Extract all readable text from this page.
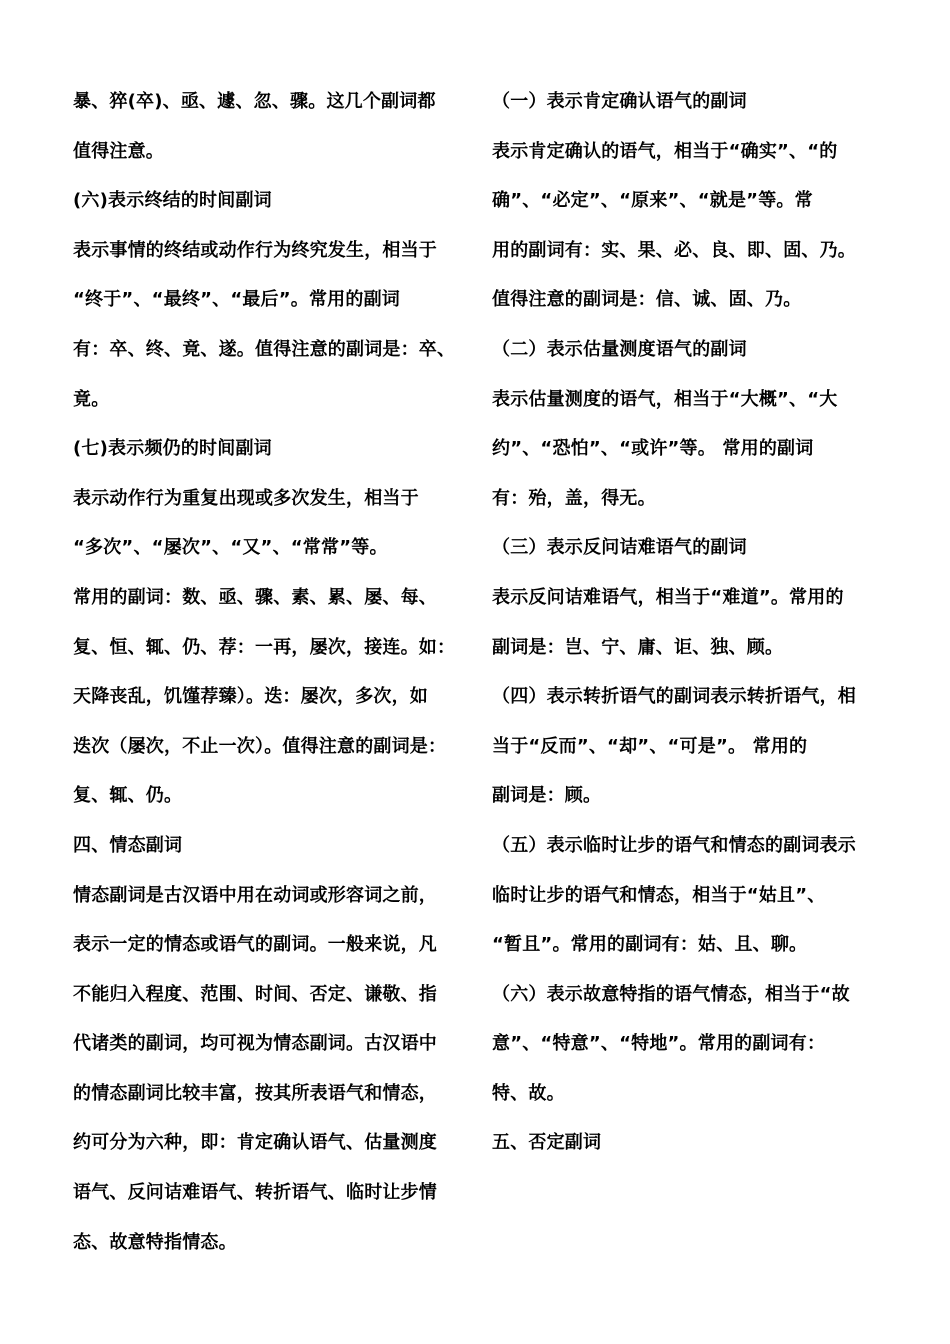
暴、猝(卒)、亟、遽、忽、骤。这几个副词都
值得注意。
(六)表示终结的时间副词
表示事情的终结或动作行为终究发生，相当于
“终于”、“最终”、“最后”。常用的副词
有：卒、终、竟、遂。值得注意的副词是：卒、
竟。
(七)表示频仍的时间副词
表示动作行为重复出现或多次发生，相当于
“多次”、“屡次”、“又”、“常常”等。
常用的副词：数、亟、骤、素、累、屡、每、
复、恒、辄、仍、荐：一再，屡次，接连。如：
天降丧乱，饥馑荐臻）。迭：屡次，多次，如
迭次（屡次，不止一次）。值得注意的副词是：
复、辄、仍。
四、情态副词
情态副词是古汉语中用在动词或形容词之前，
表示一定的情态或语气的副词。一般来说，凡
不能归入程度、范围、时间、否定、谦敬、指
代诸类的副词，均可视为情态副词。古汉语中
的情态副词比较丰富，按其所表语气和情态，
约可分为六种，即：肯定确认语气、估量测度
语气、反问诘难语气、转折语气、临时让步情
态、故意特指情态。
（一）表示肯定确认语气的副词
表示肯定确认的语气，相当于“确实”、“的
确”、“必定”、“原来”、“就是”等。常
用的副词有：实、果、必、良、即、固、乃。
值得注意的副词是：信、诚、固、乃。
（二）表示估量测度语气的副词
表示估量测度的语气，相当于“大概”、“大
约”、“恐怕”、“或许”等。 常用的副词
有：殆，盖，得无。
（三）表示反问诘难语气的副词
表示反问诘难语气，相当于“难道”。常用的
副词是：岂、宁、庸、讵、独、顾。
（四）表示转折语气的副词表示转折语气，相
当于“反而”、“却”、“可是”。 常用的
副词是：顾。
（五）表示临时让步的语气和情态的副词表示
临时让步的语气和情态，相当于“姑且”、
“暂且”。常用的副词有：姑、且、聊。
（六）表示故意特指的语气情态，相当于“故
意”、“特意”、“特地”。常用的副词有：
特、故。
五、否定副词
